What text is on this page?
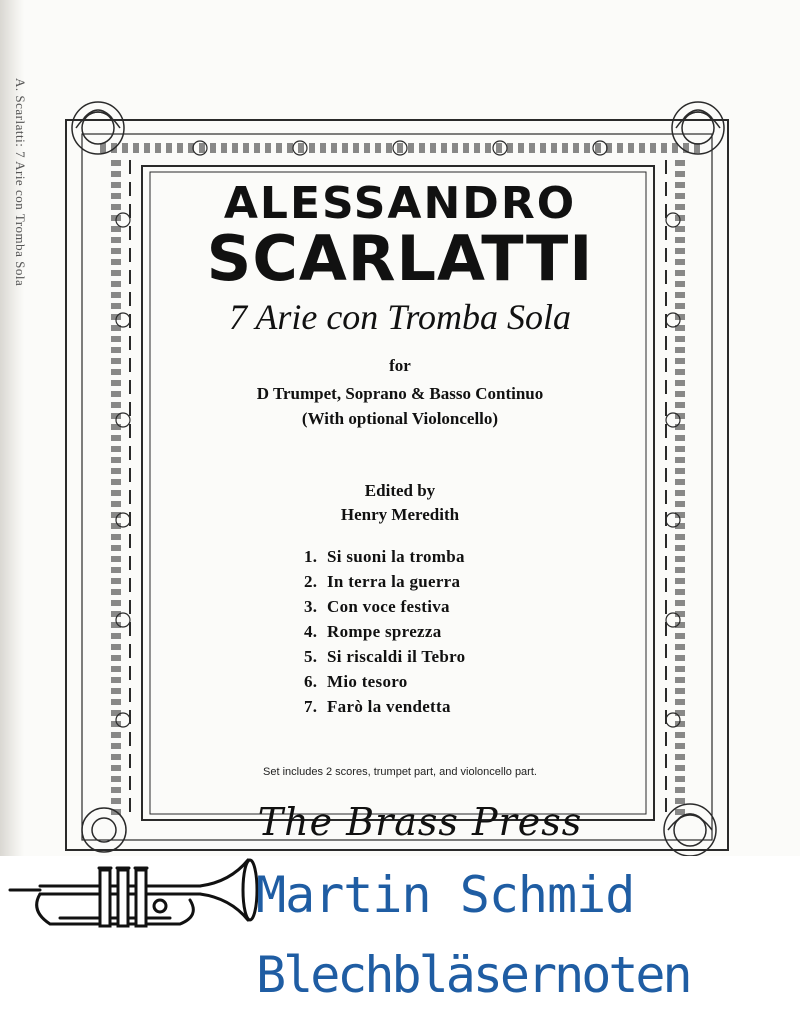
A. Scarlatti: 7 Arie con Tromba Sola	ALESSANDRO
SCARLATTI
7 Arie con Tromba Sola
for
D Trumpet, Soprano & Basso Continuo
(With optional Violoncello)
Edited by
Henry Meredith
1. Si suoni la tromba
2. In terra la guerra
3. Con voce festiva
4. Rompe sprezza
5. Si riscaldi il Tebro
6. Mio tesoro
7. Farò la vendetta
Set includes 2 scores, trumpet part, and violoncello part.
The Brass Press
Martin Schmid
Blechbläsernoten
